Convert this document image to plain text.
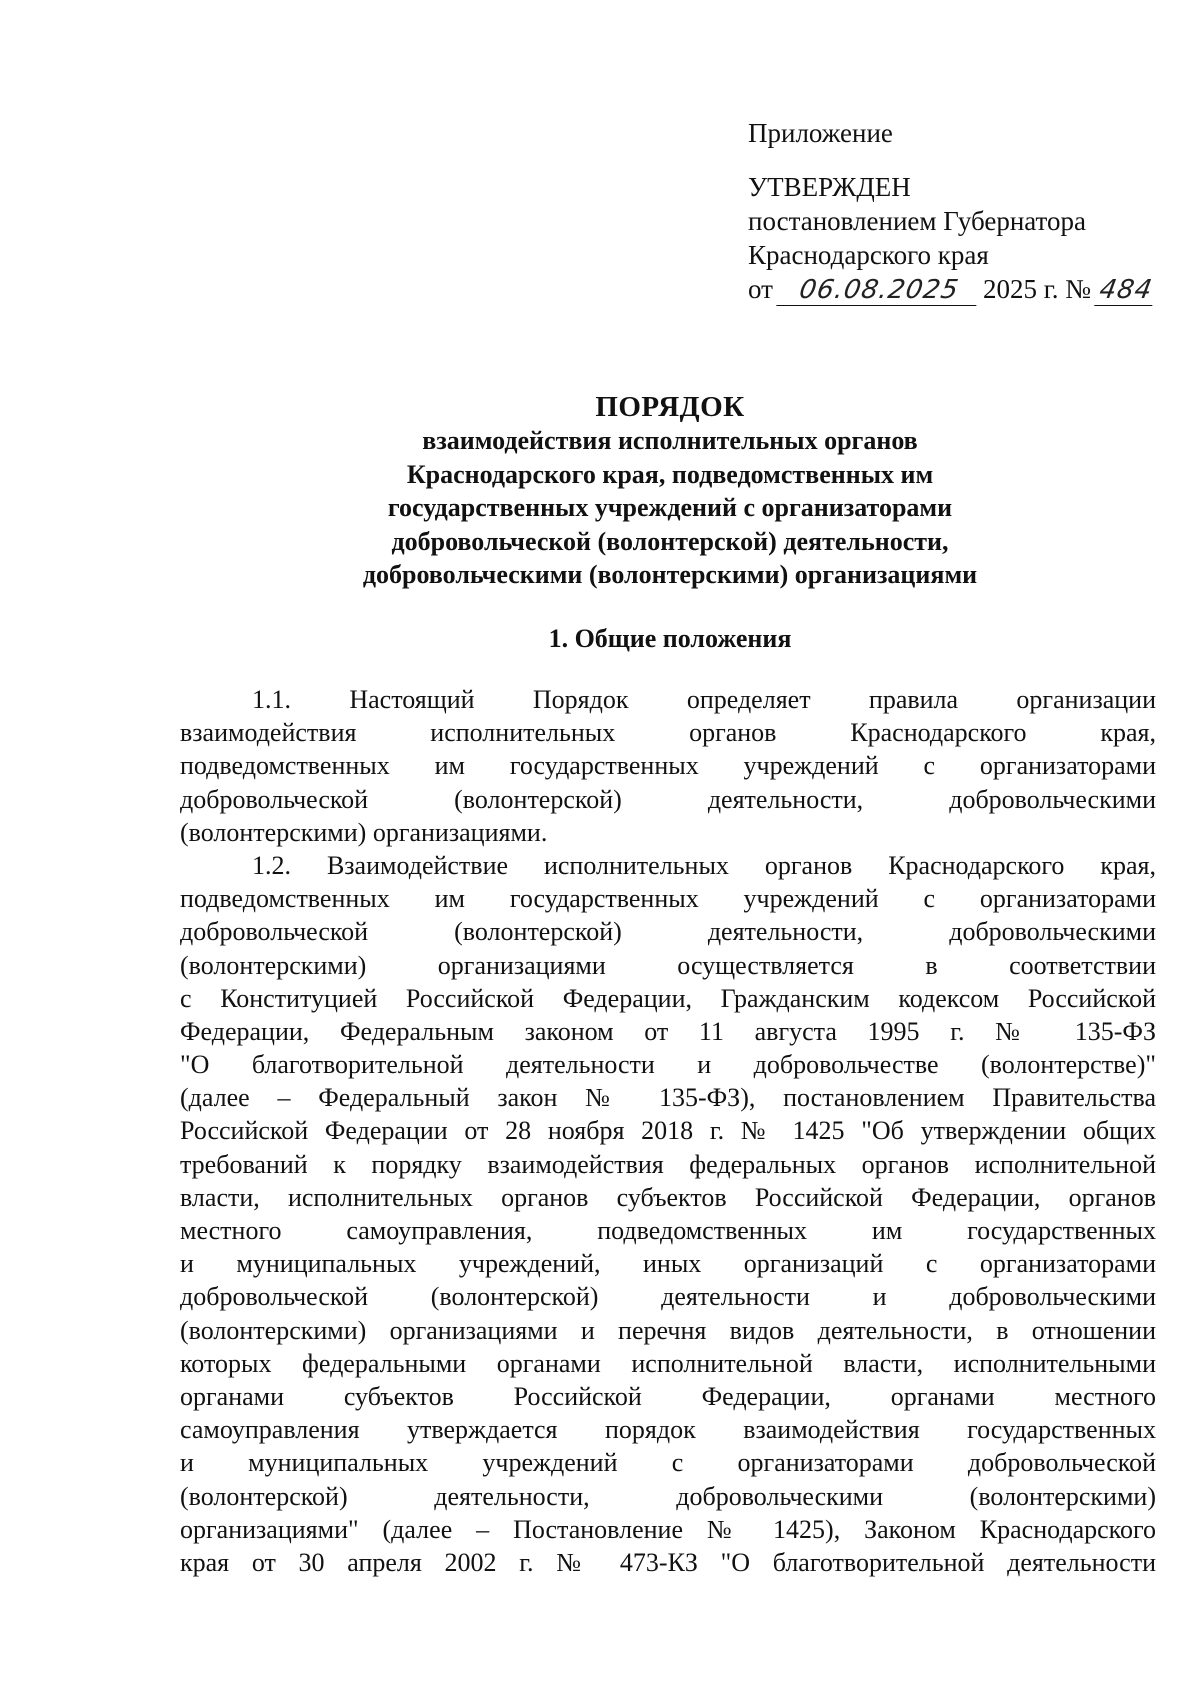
Приложение
УТВЕРЖДЕН
постановлением Губернатора
Краснодарского края
от 06.08.2025 2025 г. № 484
ПОРЯДОК
взаимодействия исполнительных органов
Краснодарского края, подведомственных им
государственных учреждений с организаторами
добровольческой (волонтерской) деятельности,
добровольческими (волонтерскими) организациями
1. Общие положения
1.1. Настоящий Порядок определяет правила организации
взаимодействия исполнительных органов Краснодарского края,
подведомственных им государственных учреждений с организаторами
добровольческой (волонтерской) деятельности, добровольческими
(волонтерскими) организациями.
1.2. Взаимодействие исполнительных органов Краснодарского края,
подведомственных им государственных учреждений с организаторами
добровольческой (волонтерской) деятельности, добровольческими
(волонтерскими) организациями осуществляется в соответствии
с Конституцией Российской Федерации, Гражданским кодексом Российской
Федерации, Федеральным законом от 11 августа 1995 г. № 135-ФЗ
"О благотворительной деятельности и добровольчестве (волонтерстве)"
(далее – Федеральный закон № 135-ФЗ), постановлением Правительства
Российской Федерации от 28 ноября 2018 г. № 1425 "Об утверждении общих
требований к порядку взаимодействия федеральных органов исполнительной
власти, исполнительных органов субъектов Российской Федерации, органов
местного самоуправления, подведомственных им государственных
и муниципальных учреждений, иных организаций с организаторами
добровольческой (волонтерской) деятельности и добровольческими
(волонтерскими) организациями и перечня видов деятельности, в отношении
которых федеральными органами исполнительной власти, исполнительными
органами субъектов Российской Федерации, органами местного
самоуправления утверждается порядок взаимодействия государственных
и муниципальных учреждений с организаторами добровольческой
(волонтерской) деятельности, добровольческими (волонтерскими)
организациями" (далее – Постановление № 1425), Законом Краснодарского
края от 30 апреля 2002 г. № 473-КЗ "О благотворительной деятельности
